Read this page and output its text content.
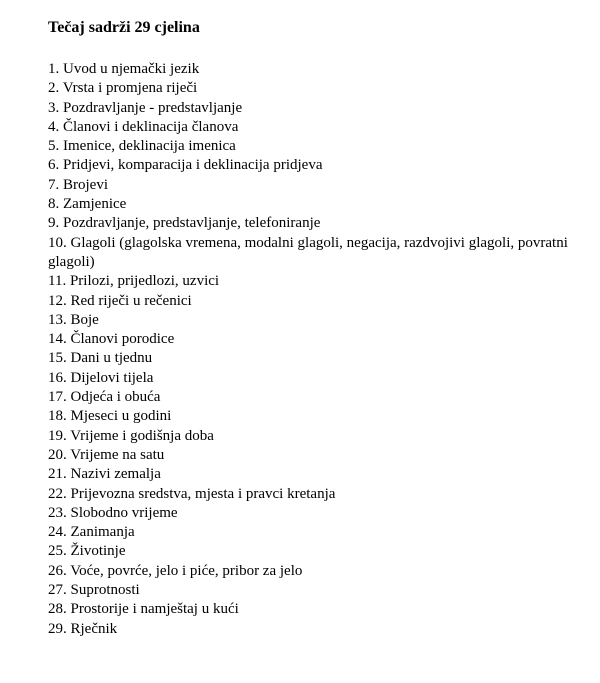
Tečaj sadrži 29 cjelina
1. Uvod u njemački jezik
2. Vrsta i promjena riječi
3. Pozdravljanje - predstavljanje
4. Članovi i deklinacija članova
5. Imenice, deklinacija imenica
6. Pridjevi, komparacija i deklinacija pridjeva
7. Brojevi
8. Zamjenice
9. Pozdravljanje, predstavljanje, telefoniranje
10. Glagoli (glagolska vremena, modalni glagoli, negacija, razdvojivi glagoli, povratni glagoli)
11. Prilozi, prijedlozi, uzvici
12. Red riječi u rečenici
13. Boje
14. Članovi porodice
15. Dani u tjednu
16. Dijelovi tijela
17. Odjeća i obuća
18. Mjeseci u godini
19. Vrijeme i godišnja doba
20. Vrijeme na satu
21. Nazivi zemalja
22. Prijevozna sredstva, mjesta i pravci kretanja
23. Slobodno vrijeme
24. Zanimanja
25. Životinje
26. Voće, povrće, jelo i piće, pribor za jelo
27. Suprotnosti
28. Prostorije i namještaj u kući
29. Rječnik
